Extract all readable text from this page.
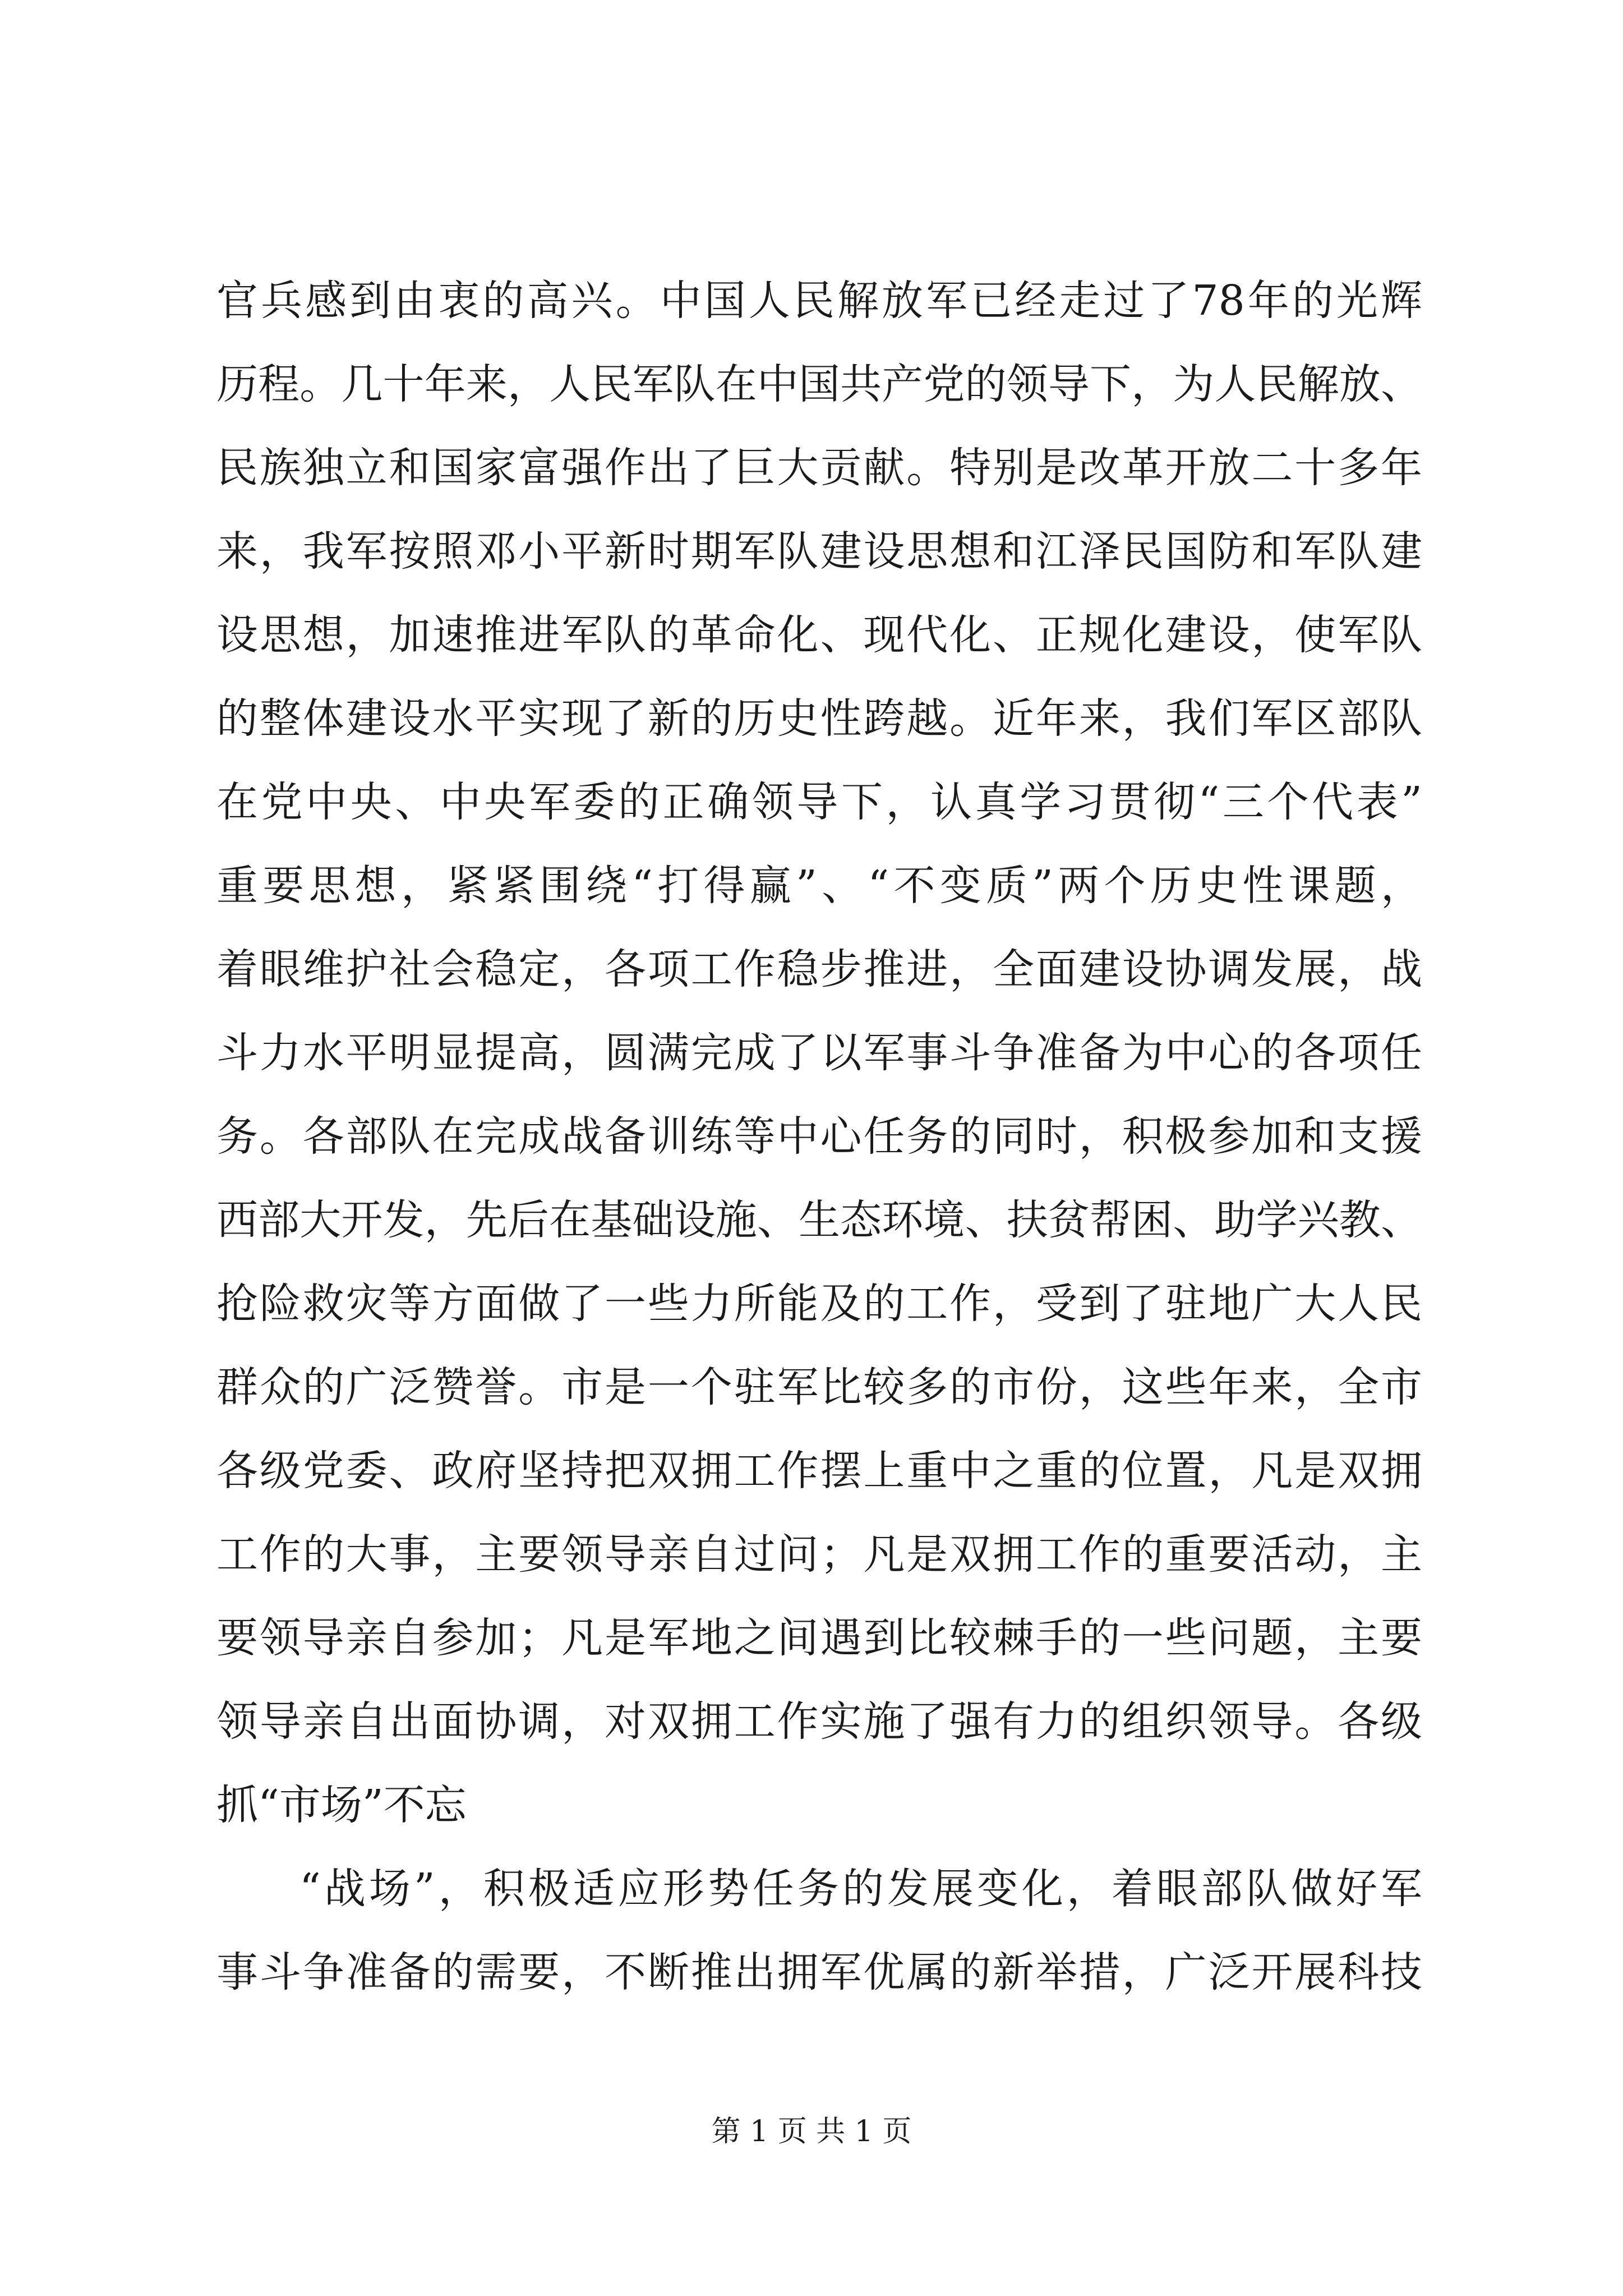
官兵感到由衷的高兴。中国人民解放军已经走过了78年的光辉
历程。几十年来，人民军队在中国共产党的领导下，为人民解放、
民族独立和国家富强作出了巨大贡献。特别是改革开放二十多年
来，我军按照邓小平新时期军队建设思想和江泽民国防和军队建
设思想，加速推进军队的革命化、现代化、正规化建设，使军队
的整体建设水平实现了新的历史性跨越。近年来，我们军区部队
在党中央、中央军委的正确领导下，认真学习贯彻“三个代表”
重要思想，紧紧围绕“打得赢”、“不变质”两个历史性课题，
着眼维护社会稳定，各项工作稳步推进，全面建设协调发展，战
斗力水平明显提高，圆满完成了以军事斗争准备为中心的各项任
务。各部队在完成战备训练等中心任务的同时，积极参加和支援
西部大开发，先后在基础设施、生态环境、扶贫帮困、助学兴教、
抢险救灾等方面做了一些力所能及的工作，受到了驻地广大人民
群众的广泛赞誉。市是一个驻军比较多的市份，这些年来，全市
各级党委、政府坚持把双拥工作摆上重中之重的位置，凡是双拥
工作的大事，主要领导亲自过问；凡是双拥工作的重要活动，主
要领导亲自参加；凡是军地之间遇到比较棘手的一些问题，主要
领导亲自出面协调，对双拥工作实施了强有力的组织领导。各级
抓“市场”不忘
“战场”，积极适应形势任务的发展变化，着眼部队做好军
事斗争准备的需要，不断推出拥军优属的新举措，广泛开展科技
第 1 页 共 1 页
